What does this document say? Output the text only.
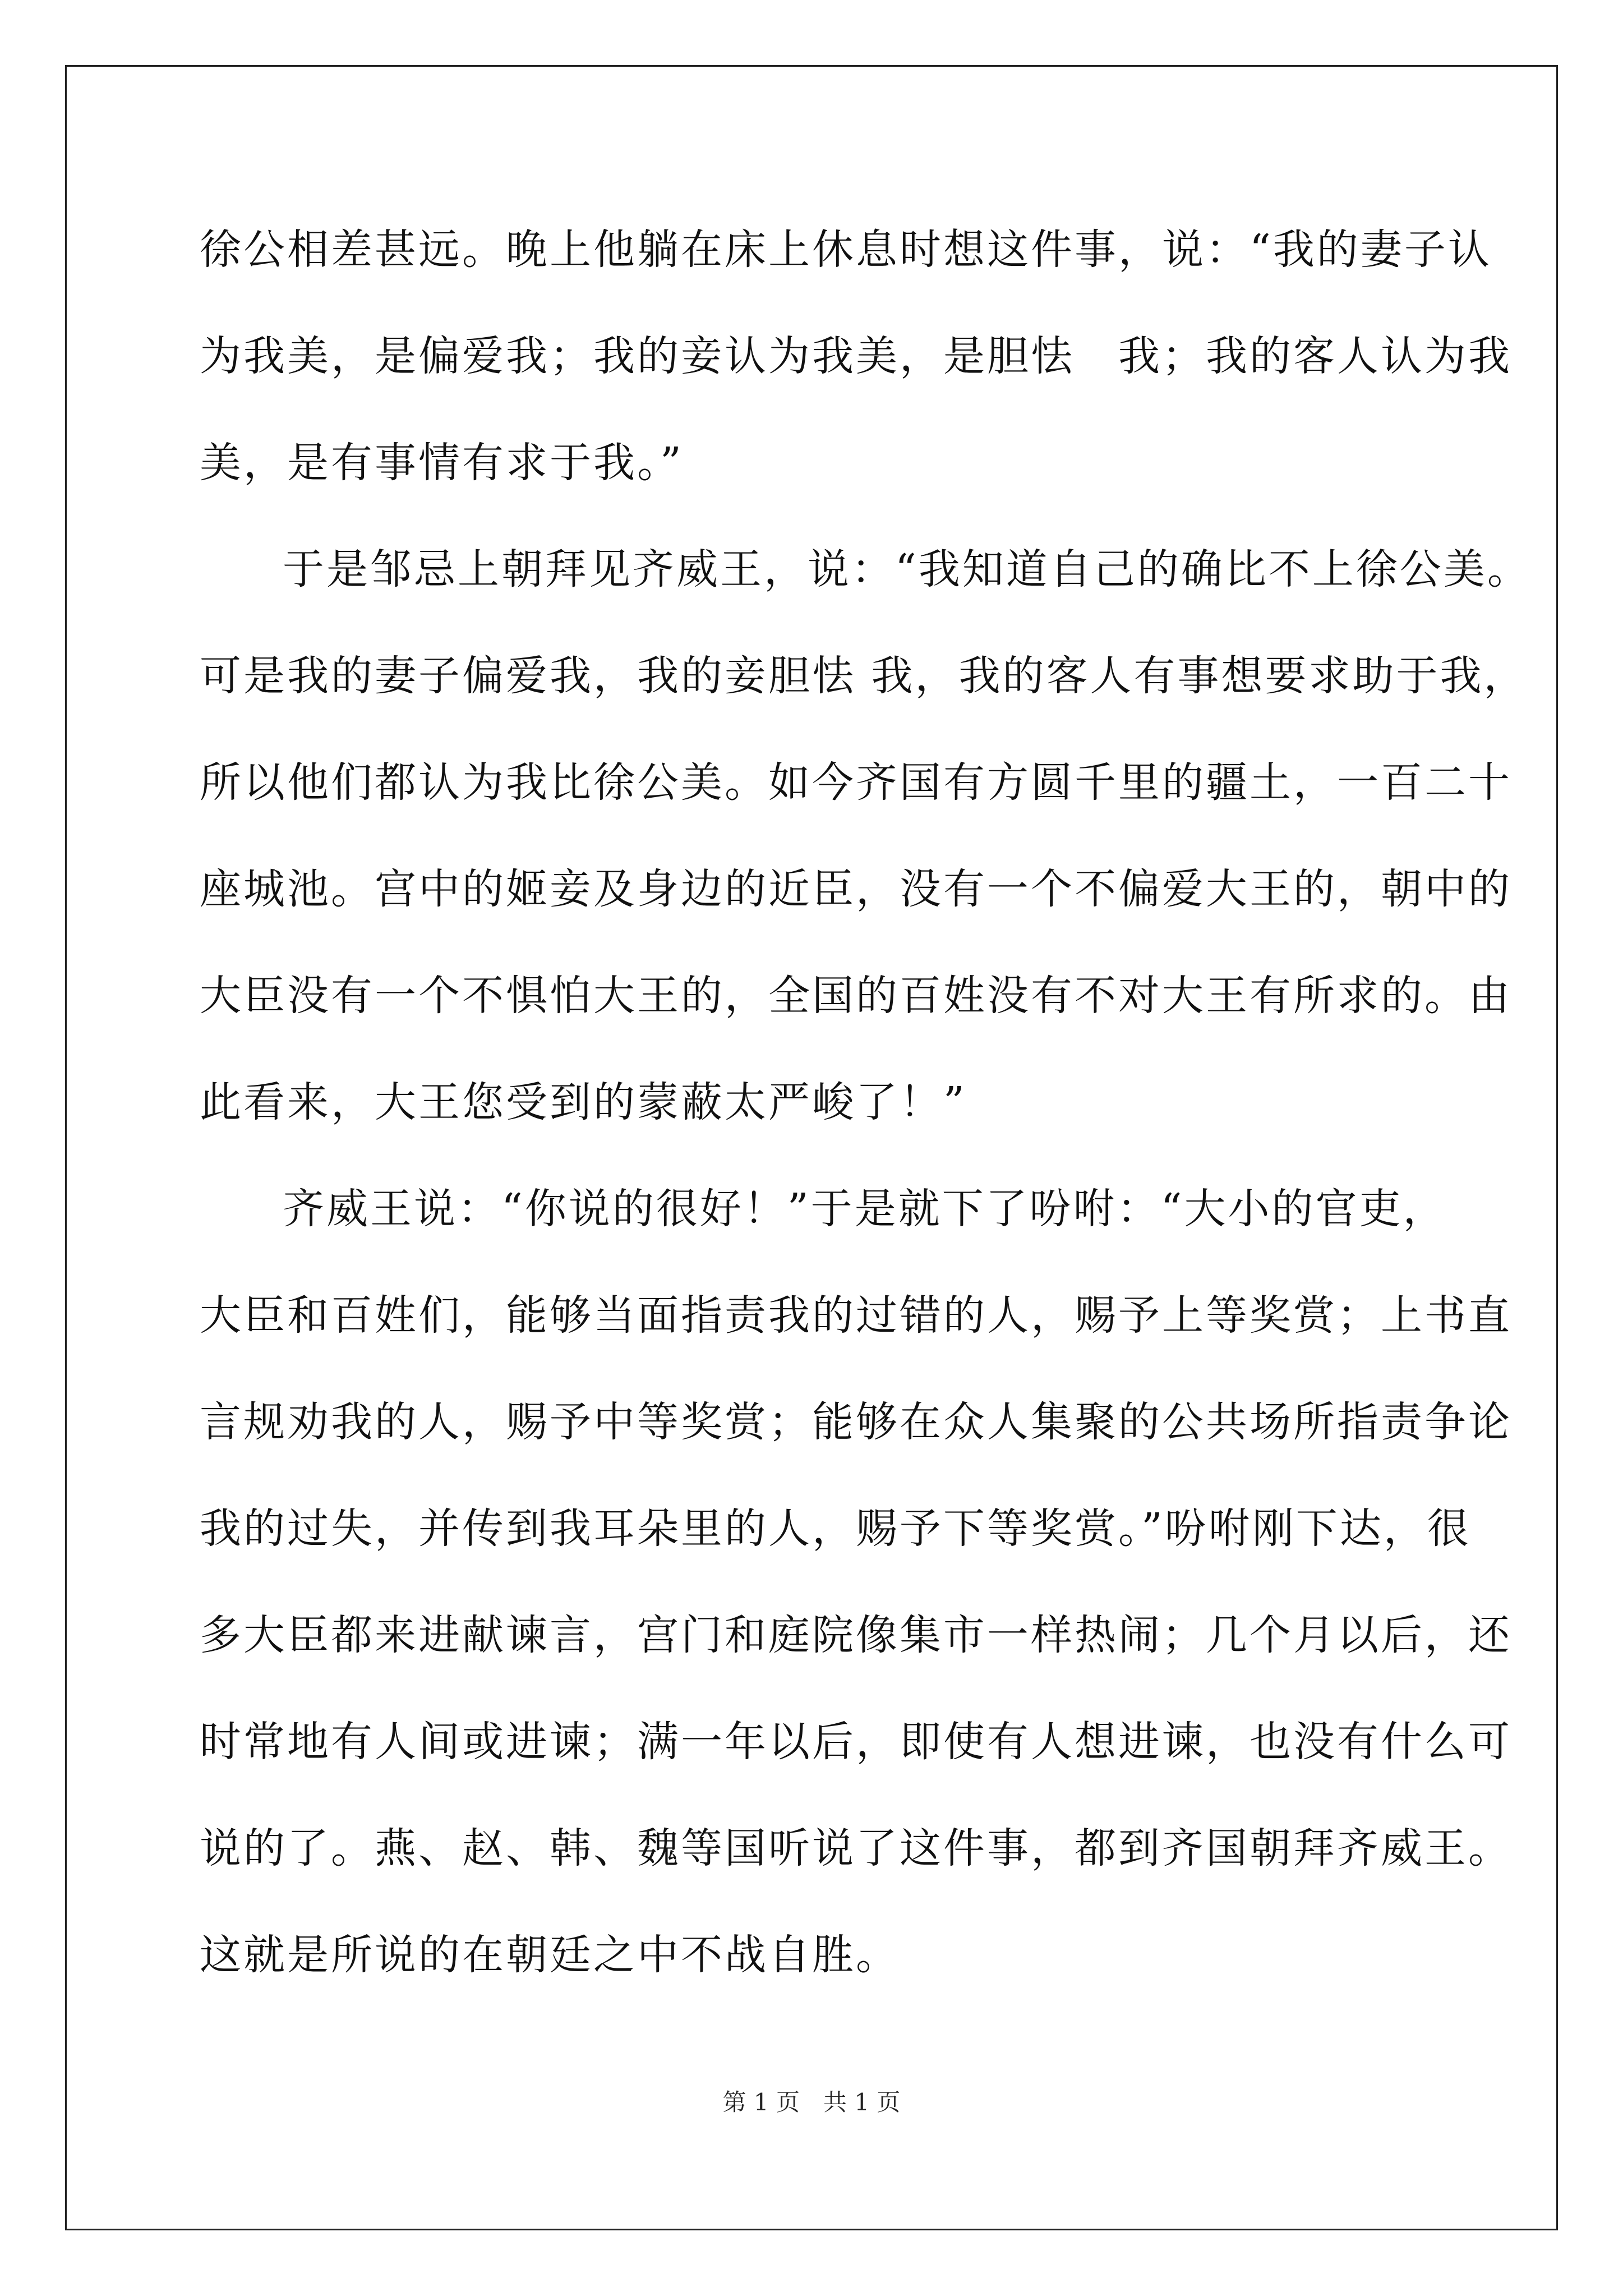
徐公相差甚远。晚上他躺在床上休息时想这件事，说：“我的妻子认
为我美，是偏爱我；我的妾认为我美，是胆怯　我；我的客人认为我
美，是有事情有求于我。”
于是邹忌上朝拜见齐威王，说：“我知道自己的确比不上徐公美。
可是我的妻子偏爱我，我的妾胆怯 我，我的客人有事想要求助于我，
所以他们都认为我比徐公美。如今齐国有方圆千里的疆土，一百二十
座城池。宫中的姬妾及身边的近臣，没有一个不偏爱大王的，朝中的
大臣没有一个不惧怕大王的，全国的百姓没有不对大王有所求的。由
此看来，大王您受到的蒙蔽太严峻了！”
齐威王说：“你说的很好！”于是就下了吩咐：“大小的官吏，
大臣和百姓们，能够当面指责我的过错的人，赐予上等奖赏；上书直
言规劝我的人，赐予中等奖赏；能够在众人集聚的公共场所指责争论
我的过失，并传到我耳朵里的人，赐予下等奖赏。”吩咐刚下达，很
多大臣都来进献谏言，宫门和庭院像集市一样热闹；几个月以后，还
时常地有人间或进谏；满一年以后，即使有人想进谏，也没有什么可
说的了。燕、赵、韩、魏等国听说了这件事，都到齐国朝拜齐威王。
这就是所说的在朝廷之中不战自胜。
第 1 页　共 1 页
